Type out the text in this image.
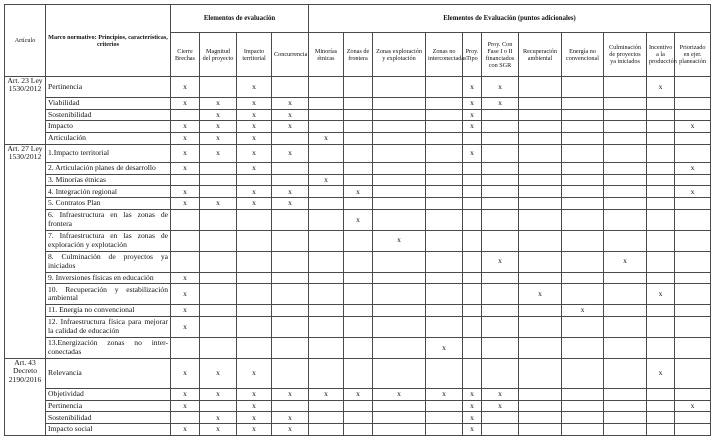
Artículo	Marco normativo: Principios, características, criterios	Elementos de evaluación				Elementos de Evaluación (puntos adicionales)										
		Cierre Brechas	Magnitud del proyecto	Impacto territorial	Concurrencia	Minorías étnicas	Zonas de frontera	Zonas exploración y explotación	Zonas no interconectadas	Proy. Tipo	Proy. Con Fase I o II financiados con SGR	Recuperación ambiental	Energía no convencional	Culminación de proyectos ya iniciados	Incentivo a la producción	Priorizado en ejer. planeación
Art. 23 Ley 1530/2012	Pertinencia	x		x						x	x				x	
	Viabilidad	x	x	x	x					x	x					
	Sostenibilidad		x	x	x					x						
	Impacto	x	x	x	x					x						x
	Articulación	x	x	x		x										
Art. 27 Ley 1530/2012	1.Impacto territorial	x	x	x	x					x						
	2. Articulación planes de desarrollo	x		x												x
	3. Minorías étnicas					x										
	4. Integración regional	x		x	x		x									x
	5. Contratos Plan	x	x	x	x											
	6. Infraestructura en las zonas de frontera						x									
	7. Infraestructura en las zonas de exploración y explotación							x								
	8. Culminación de proyectos ya iniciados										x			x		
	9. Inversiones físicas en educación	x														
	10. Recuperación y estabilización ambiental	x										x			x	
	11. Energía no convencional	x											x			
	12. Infraestructura física para mejorar la calidad de educación	x														
	13.Energización zonas no inter-conectadas								x							
Art. 43 Decreto 2190/2016	Relevancia	x	x	x											x	
	Objetividad	x	x	x	x	x	x	x	x	x	x					
	Pertinencia	x		x						x	x					x
	Sostenibilidad		x	x	x					x						
	Impacto social	x	x	x	x					x						
